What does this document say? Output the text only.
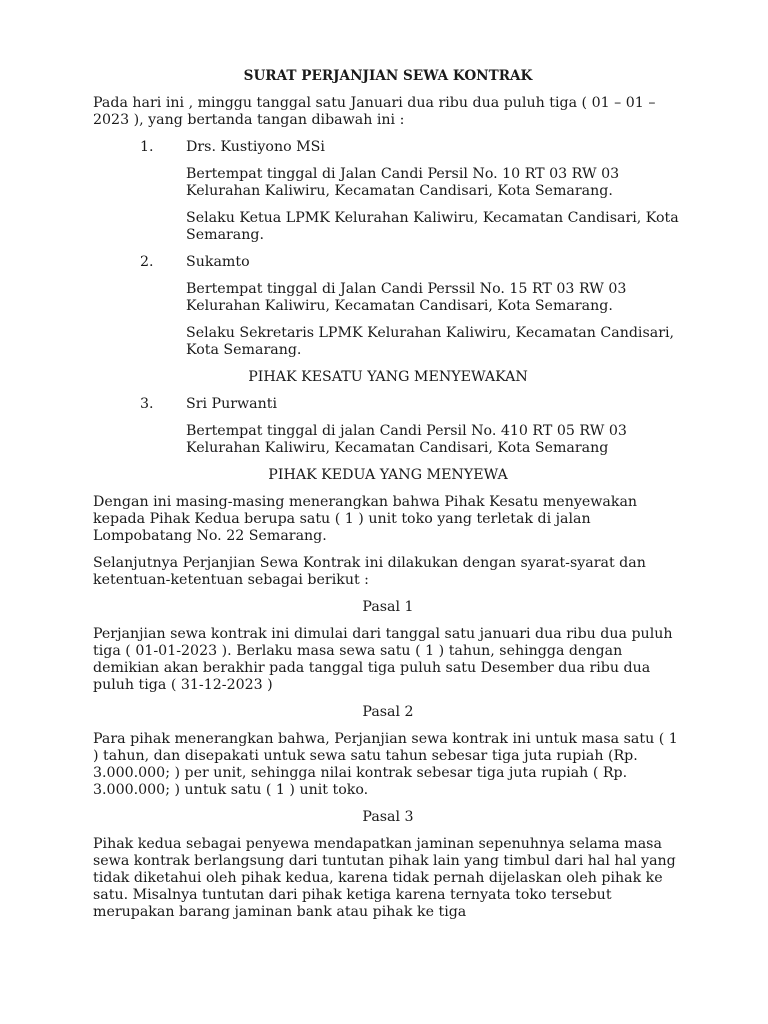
SURAT PERJANJIAN SEWA KONTRAK

Pada hari ini , minggu tanggal satu Januari dua ribu dua puluh tiga ( 01 – 01 – 2023 ), yang bertanda tangan dibawah ini :

1. Drs. Kustiyono MSi

Bertempat tinggal di Jalan Candi Persil No. 10 RT 03 RW 03 Kelurahan Kaliwiru, Kecamatan Candisari, Kota Semarang.

Selaku Ketua LPMK Kelurahan Kaliwiru, Kecamatan Candisari, Kota Semarang.

2. Sukamto

Bertempat tinggal di Jalan Candi Perssil No. 15 RT 03 RW 03 Kelurahan Kaliwiru, Kecamatan Candisari, Kota Semarang.

Selaku Sekretaris LPMK Kelurahan Kaliwiru, Kecamatan Candisari, Kota Semarang.

PIHAK KESATU YANG MENYEWAKAN

3. Sri Purwanti

Bertempat tinggal di jalan Candi Persil No. 410 RT 05 RW 03 Kelurahan Kaliwiru, Kecamatan Candisari, Kota Semarang

PIHAK KEDUA YANG MENYEWA

Dengan ini masing-masing menerangkan bahwa Pihak Kesatu menyewakan kepada Pihak Kedua berupa satu ( 1 ) unit toko yang terletak di jalan Lompobatang No. 22 Semarang.

Selanjutnya Perjanjian Sewa Kontrak ini dilakukan dengan syarat-syarat dan ketentuan-ketentuan sebagai berikut :

Pasal 1

Perjanjian sewa kontrak ini dimulai dari tanggal satu januari dua ribu dua puluh tiga ( 01-01-2023 ). Berlaku masa sewa satu ( 1 ) tahun, sehingga dengan demikian akan berakhir pada tanggal tiga puluh satu Desember dua ribu dua puluh tiga ( 31-12-2023 )

Pasal 2

Para pihak menerangkan bahwa, Perjanjian sewa kontrak ini untuk masa satu ( 1 ) tahun, dan disepakati untuk sewa satu tahun sebesar tiga juta rupiah (Rp. 3.000.000; ) per unit, sehingga nilai kontrak sebesar tiga juta rupiah ( Rp. 3.000.000; ) untuk satu ( 1 ) unit toko.

Pasal 3

Pihak kedua sebagai penyewa mendapatkan jaminan sepenuhnya selama masa sewa kontrak berlangsung dari tuntutan pihak lain yang timbul dari hal hal yang tidak diketahui oleh pihak kedua, karena tidak pernah dijelaskan oleh pihak ke satu. Misalnya tuntutan dari pihak ketiga karena ternyata toko tersebut merupakan barang jaminan bank atau pihak ke tiga
